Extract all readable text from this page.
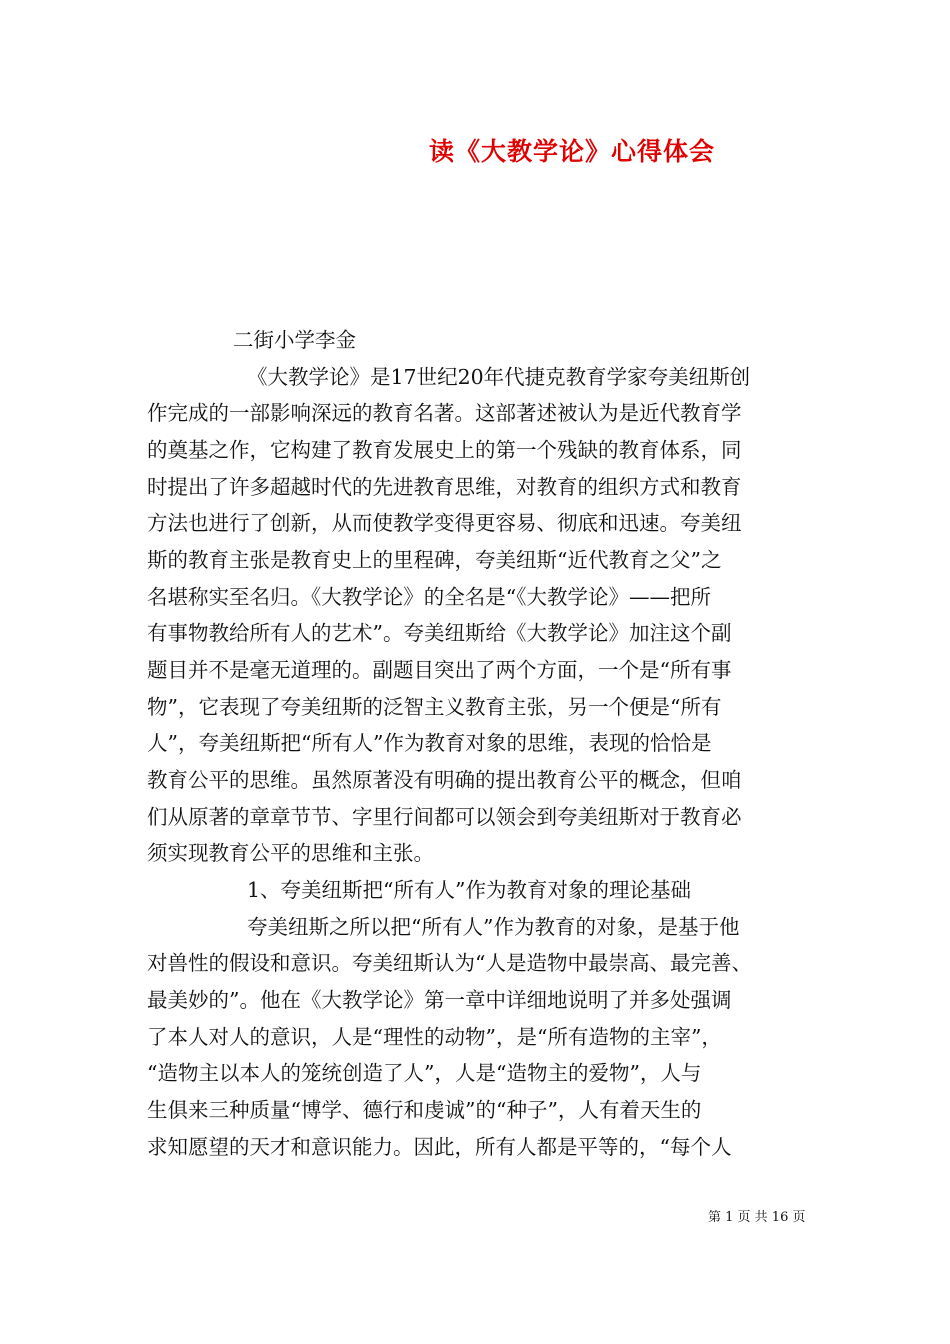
读《大教学论》心得体会
二街小学李金
《大教学论》是17世纪20年代捷克教育学家夸美纽斯创
作完成的一部影响深远的教育名著。这部著述被认为是近代教育学
的奠基之作，它构建了教育发展史上的第一个残缺的教育体系，同
时提出了许多超越时代的先进教育思维，对教育的组织方式和教育
方法也进行了创新，从而使教学变得更容易、彻底和迅速。夸美纽
斯的教育主张是教育史上的里程碑，夸美纽斯“近代教育之父”之
名堪称实至名归。《大教学论》的全名是“《大教学论》——把所
有事物教给所有人的艺术”。夸美纽斯给《大教学论》加注这个副
题目并不是毫无道理的。副题目突出了两个方面，一个是“所有事
物”，它表现了夸美纽斯的泛智主义教育主张，另一个便是“所有
人”，夸美纽斯把“所有人”作为教育对象的思维，表现的恰恰是
教育公平的思维。虽然原著没有明确的提出教育公平的概念，但咱
们从原著的章章节节、字里行间都可以领会到夸美纽斯对于教育必
须实现教育公平的思维和主张。
1、夸美纽斯把“所有人”作为教育对象的理论基础
夸美纽斯之所以把“所有人”作为教育的对象，是基于他
对兽性的假设和意识。夸美纽斯认为“人是造物中最崇高、最完善、
最美妙的”。他在《大教学论》第一章中详细地说明了并多处强调
了本人对人的意识，人是“理性的动物”，是“所有造物的主宰”，
“造物主以本人的笼统创造了人”，人是“造物主的爱物”，人与
生俱来三种质量“博学、德行和虔诚”的“种子”，人有着天生的
求知愿望的天才和意识能力。因此，所有人都是平等的，“每个人
第 1 页 共 16 页
